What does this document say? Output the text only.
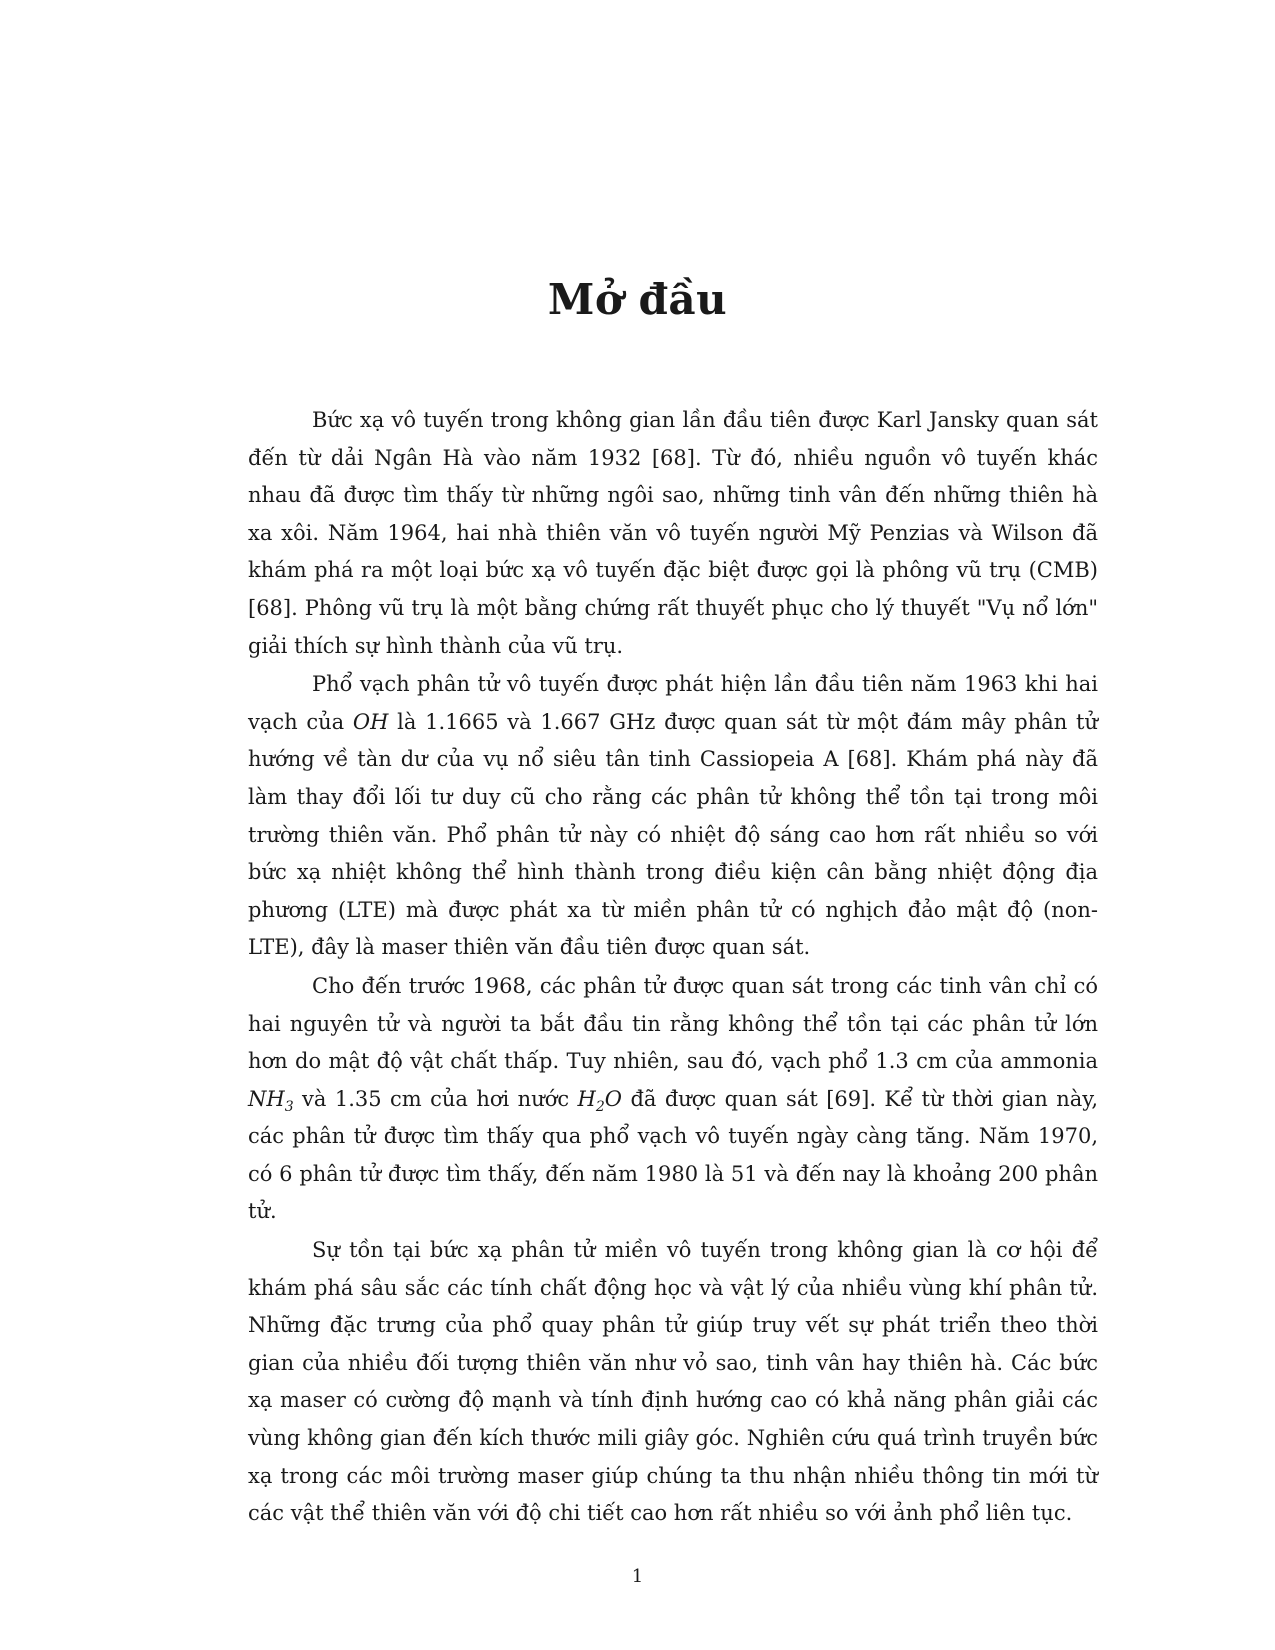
Mở đầu

Bức xạ vô tuyến trong không gian lần đầu tiên được Karl Jansky quan sát đến từ dải Ngân Hà vào năm 1932 [68]. Từ đó, nhiều nguồn vô tuyến khác nhau đã được tìm thấy từ những ngôi sao, những tinh vân đến những thiên hà xa xôi. Năm 1964, hai nhà thiên văn vô tuyến người Mỹ Penzias và Wilson đã khám phá ra một loại bức xạ vô tuyến đặc biệt được gọi là phông vũ trụ (CMB) [68]. Phông vũ trụ là một bằng chứng rất thuyết phục cho lý thuyết "Vụ nổ lớn" giải thích sự hình thành của vũ trụ.

Phổ vạch phân tử vô tuyến được phát hiện lần đầu tiên năm 1963 khi hai vạch của OH là 1.1665 và 1.667 GHz được quan sát từ một đám mây phân tử hướng về tàn dư của vụ nổ siêu tân tinh Cassiopeia A [68]. Khám phá này đã làm thay đổi lối tư duy cũ cho rằng các phân tử không thể tồn tại trong môi trường thiên văn. Phổ phân tử này có nhiệt độ sáng cao hơn rất nhiều so với bức xạ nhiệt không thể hình thành trong điều kiện cân bằng nhiệt động địa phương (LTE) mà được phát xa từ miền phân tử có nghịch đảo mật độ (non-LTE), đây là maser thiên văn đầu tiên được quan sát.

Cho đến trước 1968, các phân tử được quan sát trong các tinh vân chỉ có hai nguyên tử và người ta bắt đầu tin rằng không thể tồn tại các phân tử lớn hơn do mật độ vật chất thấp. Tuy nhiên, sau đó, vạch phổ 1.3 cm của ammonia $NH_3$ và 1.35 cm của hơi nước $H_2O$ đã được quan sát [69]. Kể từ thời gian này, các phân tử được tìm thấy qua phổ vạch vô tuyến ngày càng tăng. Năm 1970, có 6 phân tử được tìm thấy, đến năm 1980 là 51 và đến nay là khoảng 200 phân tử.

Sự tồn tại bức xạ phân tử miền vô tuyến trong không gian là cơ hội để khám phá sâu sắc các tính chất động học và vật lý của nhiều vùng khí phân tử. Những đặc trưng của phổ quay phân tử giúp truy vết sự phát triển theo thời gian của nhiều đối tượng thiên văn như vỏ sao, tinh vân hay thiên hà. Các bức xạ maser có cường độ mạnh và tính định hướng cao có khả năng phân giải các vùng không gian đến kích thước mili giây góc. Nghiên cứu quá trình truyền bức xạ trong các môi trường maser giúp chúng ta thu nhận nhiều thông tin mới từ các vật thể thiên văn với độ chi tiết cao hơn rất nhiều so với ảnh phổ liên tục.

1
